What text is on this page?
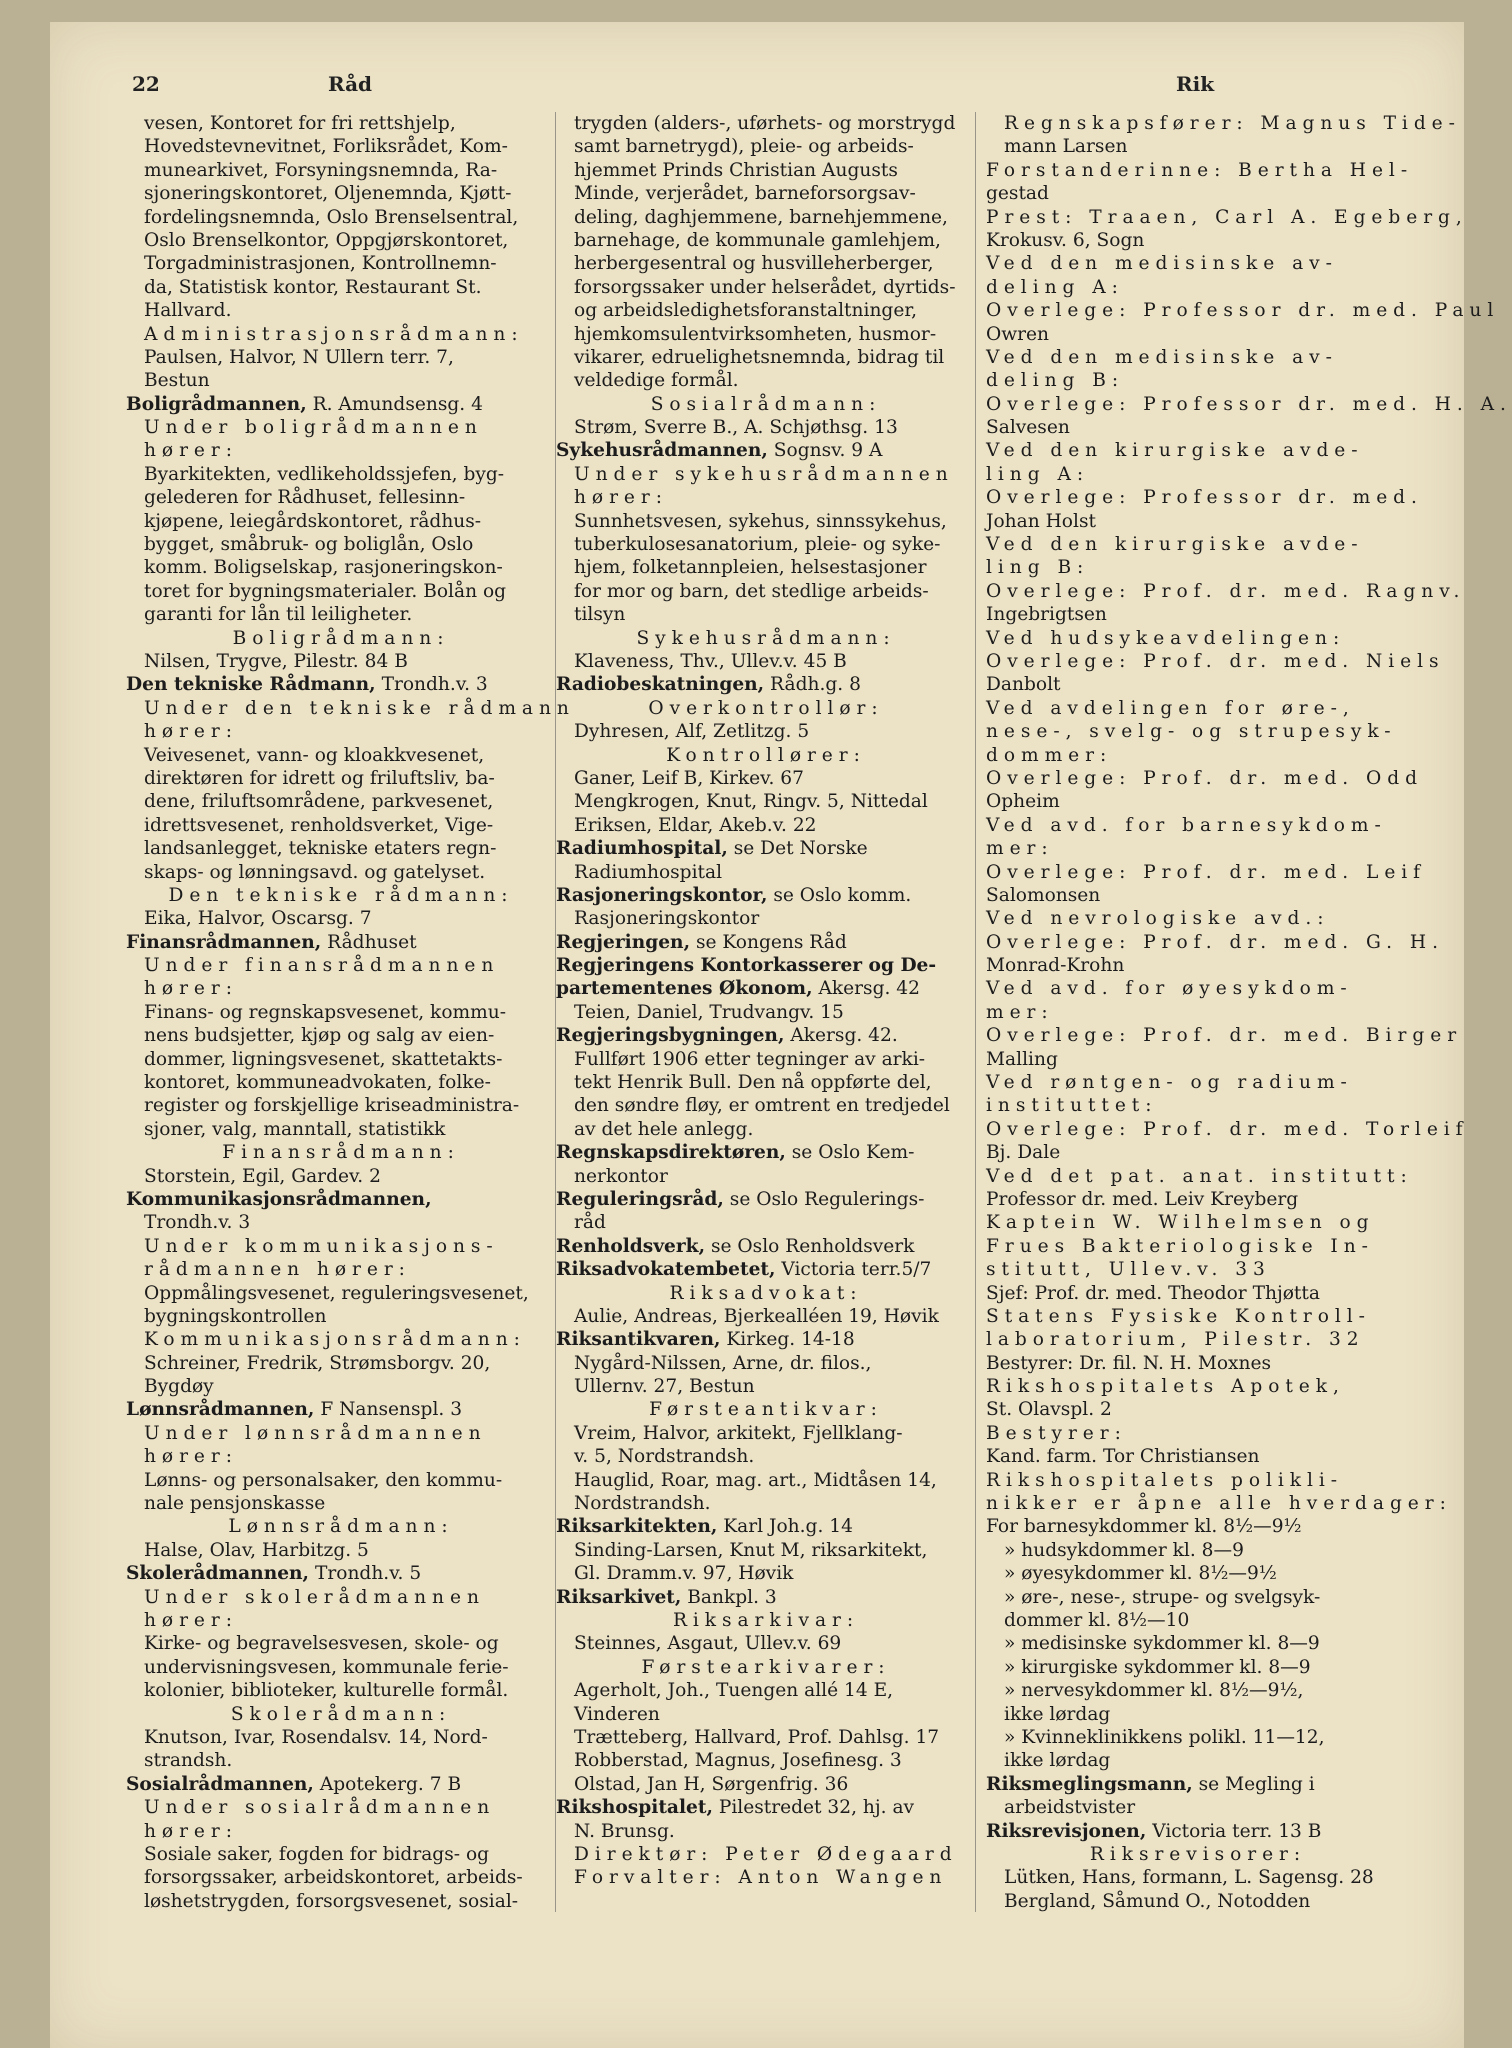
22	Råd	Rik
vesen, Kontoret for fri rettshjelp,
Hovedstevnevitnet, Forliksrådet, Kom-
munearkivet, Forsyningsnemnda, Ra-
sjoneringskontoret, Oljenemnda, Kjøtt-
fordelingsnemnda, Oslo Brenselsentral,
Oslo Brenselkontor, Oppgjørskontoret,
Torgadministrasjonen, Kontrollnemn-
da, Statistisk kontor, Restaurant St.
Hallvard.
Administrasjonsrådmann:
Paulsen, Halvor, N Ullern terr. 7,
Bestun
Boligrådmannen, R. Amundsensg. 4
Under boligrådmannen
hører:
Byarkitekten, vedlikeholdssjefen, byg-
gelederen for Rådhuset, fellesinn-
kjøpene, leiegårdskontoret, rådhus-
bygget, småbruk- og boliglån, Oslo
komm. Boligselskap, rasjoneringskon-
toret for bygningsmaterialer. Bolån og
garanti for lån til leiligheter.
Boligrådmann:
Nilsen, Trygve, Pilestr. 84 B
Den tekniske Rådmann, Trondh.v. 3
Under den tekniske rådmann
hører:
Veivesenet, vann- og kloakkvesenet,
direktøren for idrett og friluftsliv, ba-
dene, friluftsområdene, parkvesenet,
idrettsvesenet, renholdsverket, Vige-
landsanlegget, tekniske etaters regn-
skaps- og lønningsavd. og gatelyset.
Den tekniske rådmann:
Eika, Halvor, Oscarsg. 7
Finansrådmannen, Rådhuset
Under finansrådmannen
hører:
Finans- og regnskapsvesenet, kommu-
nens budsjetter, kjøp og salg av eien-
dommer, ligningsvesenet, skattetakts-
kontoret, kommuneadvokaten, folke-
register og forskjellige kriseadministra-
sjoner, valg, manntall, statistikk
Finansrådmann:
Storstein, Egil, Gardev. 2
Kommunikasjonsrådmannen,
Trondh.v. 3
Under kommunikasjons-
rådmannen hører:
Oppmålingsvesenet, reguleringsvesenet,
bygningskontrollen
Kommunikasjonsrådmann:
Schreiner, Fredrik, Strømsborgv. 20,
Bygdøy
Lønnsrådmannen, F Nansenspl. 3
Under lønnsrådmannen
hører:
Lønns- og personalsaker, den kommu-
nale pensjonskasse
Lønnsrådmann:
Halse, Olav, Harbitzg. 5
Skolerådmannen, Trondh.v. 5
Under skolerådmannen
hører:
Kirke- og begravelsesvesen, skole- og
undervisningsvesen, kommunale ferie-
kolonier, biblioteker, kulturelle formål.
Skolerådmann:
Knutson, Ivar, Rosendalsv. 14, Nord-
strandsh.
Sosialrådmannen, Apotekerg. 7 B
Under sosialrådmannen
hører:
Sosiale saker, fogden for bidrags- og
forsorgssaker, arbeidskontoret, arbeids-
løshetstrygden, forsorgsvesenet, sosial-
trygden (alders-, uførhets- og morstrygd
samt barnetrygd), pleie- og arbeids-
hjemmet Prinds Christian Augusts
Minde, verjerådet, barneforsorgsav-
deling, daghjemmene, barnehjemmene,
barnehage, de kommunale gamlehjem,
herbergesentral og husvilleherberger,
forsorgssaker under helserådet, dyrtids-
og arbeidsledighetsforanstaltninger,
hjemkomsulentvirksomheten, husmor-
vikarer, edruelighetsnemnda, bidrag til
veldedige formål.
Sosialrådmann:
Strøm, Sverre B., A. Schjøthsg. 13
Sykehusrådmannen, Sognsv. 9 A
Under sykehusrådmannen
hører:
Sunnhetsvesen, sykehus, sinnssykehus,
tuberkulosesanatorium, pleie- og syke-
hjem, folketannpleien, helsestasjoner
for mor og barn, det stedlige arbeids-
tilsyn
Sykehusrådmann:
Klaveness, Thv., Ullev.v. 45 B
Radiobeskatningen, Rådh.g. 8
Overkontrollør:
Dyhresen, Alf, Zetlitzg. 5
Kontrollører:
Ganer, Leif B, Kirkev. 67
Mengkrogen, Knut, Ringv. 5, Nittedal
Eriksen, Eldar, Akeb.v. 22
Radiumhospital, se Det Norske
Radiumhospital
Rasjoneringskontor, se Oslo komm.
Rasjoneringskontor
Regjeringen, se Kongens Råd
Regjeringens Kontorkasserer og De-
partementenes Økonom, Akersg. 42
Teien, Daniel, Trudvangv. 15
Regjeringsbygningen, Akersg. 42.
Fullført 1906 etter tegninger av arki-
tekt Henrik Bull. Den nå oppførte del,
den søndre fløy, er omtrent en tredjedel
av det hele anlegg.
Regnskapsdirektøren, se Oslo Kem-
nerkontor
Reguleringsråd, se Oslo Regulerings-
råd
Renholdsverk, se Oslo Renholdsverk
Riksadvokatembetet, Victoria terr.5/7
Riksadvokat:
Aulie, Andreas, Bjerkealléen 19, Høvik
Riksantikvaren, Kirkeg. 14-18
Nygård-Nilssen, Arne, dr. filos.,
Ullernv. 27, Bestun
Førsteantikvar:
Vreim, Halvor, arkitekt, Fjellklang-
v. 5, Nordstrandsh.
Hauglid, Roar, mag. art., Midtåsen 14,
Nordstrandsh.
Riksarkitekten, Karl Joh.g. 14
Sinding-Larsen, Knut M, riksarkitekt,
Gl. Dramm.v. 97, Høvik
Riksarkivet, Bankpl. 3
Riksarkivar:
Steinnes, Asgaut, Ullev.v. 69
Førstearkivarer:
Agerholt, Joh., Tuengen allé 14 E,
Vinderen
Trætteberg, Hallvard, Prof. Dahlsg. 17
Robberstad, Magnus, Josefinesg. 3
Olstad, Jan H, Sørgenfrig. 36
Rikshospitalet, Pilestredet 32, hj. av
N. Brunsg.
Direktør: Peter Ødegaard
Forvalter: Anton Wangen
Regnskapsfører: Magnus Tide-
mann Larsen
Forstanderinne: Bertha Hel-
gestad
Prest: Traaen, Carl A. Egeberg,
Krokusv. 6, Sogn
Ved den medisinske av-
deling A:
Overlege: Professor dr. med. Paul
Owren
Ved den medisinske av-
deling B:
Overlege: Professor dr. med. H. A.
Salvesen
Ved den kirurgiske avde-
ling A:
Overlege: Professor dr. med.
Johan Holst
Ved den kirurgiske avde-
ling B:
Overlege: Prof. dr. med. Ragnv.
Ingebrigtsen
Ved hudsykeavdelingen:
Overlege: Prof. dr. med. Niels
Danbolt
Ved avdelingen for øre-,
nese-, svelg- og strupesyk-
dommer:
Overlege: Prof. dr. med. Odd
Opheim
Ved avd. for barnesykdom-
mer:
Overlege: Prof. dr. med. Leif
Salomonsen
Ved nevrologiske avd.:
Overlege: Prof. dr. med. G. H.
Monrad-Krohn
Ved avd. for øyesykdom-
mer:
Overlege: Prof. dr. med. Birger
Malling
Ved røntgen- og radium-
instituttet:
Overlege: Prof. dr. med. Torleif
Bj. Dale
Ved det pat. anat. institutt:
Professor dr. med. Leiv Kreyberg
Kaptein W. Wilhelmsen og
Frues Bakteriologiske In-
stitutt, Ullev.v. 33
Sjef: Prof. dr. med. Theodor Thjøtta
Statens Fysiske Kontroll-
laboratorium, Pilestr. 32
Bestyrer: Dr. fil. N. H. Moxnes
Rikshospitalets Apotek,
St. Olavspl. 2
Bestyrer:
Kand. farm. Tor Christiansen
Rikshospitalets polikli-
nikker er åpne alle hverdager:
For barnesykdommer kl. 8½—9½
» hudsykdommer kl. 8—9
» øyesykdommer kl. 8½—9½
» øre-, nese-, strupe- og svelgsyk-
dommer kl. 8½—10
» medisinske sykdommer kl. 8—9
» kirurgiske sykdommer kl. 8—9
» nervesykdommer kl. 8½—9½,
ikke lørdag
» Kvinneklinikkens polikl. 11—12,
ikke lørdag
Riksmeglingsmann, se Megling i
arbeidstvister
Riksrevisjonen, Victoria terr. 13 B
Riksrevisorer:
Lütken, Hans, formann, L. Sagensg. 28
Bergland, Såmund O., Notodden
